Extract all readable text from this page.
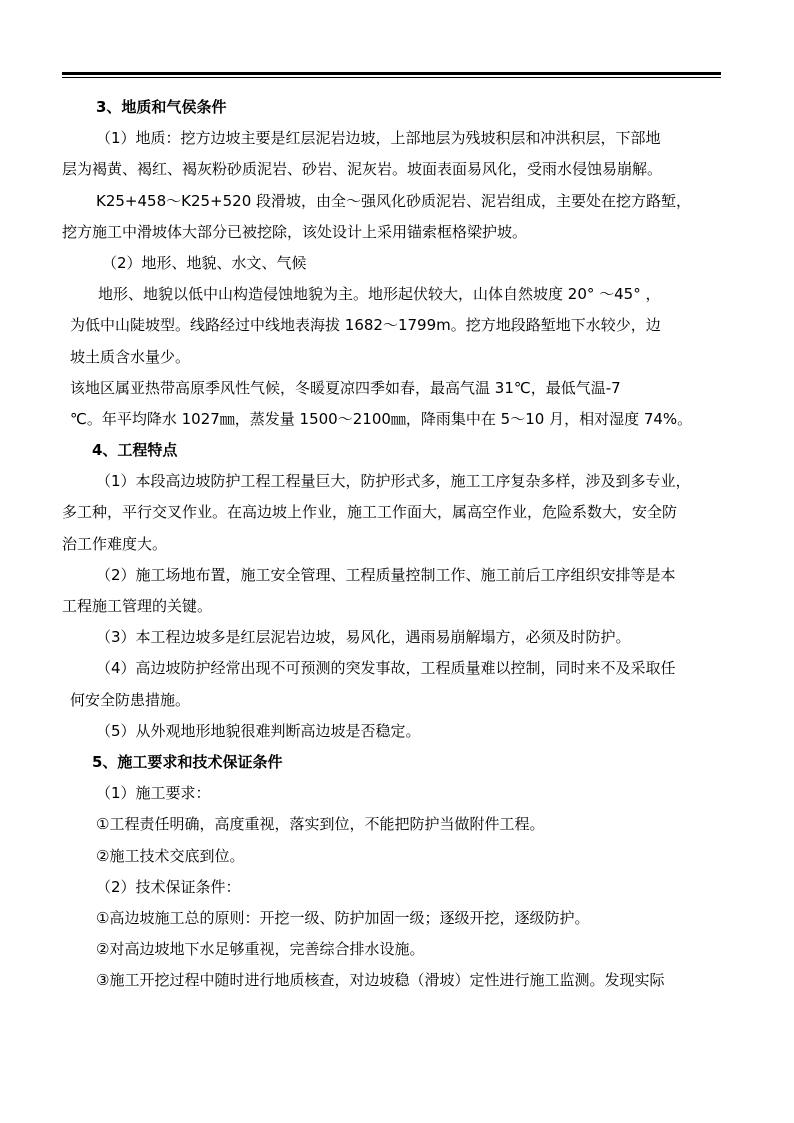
3、地质和气侯条件
（1）地质：挖方边坡主要是红层泥岩边坡，上部地层为残坡积层和冲洪积层，下部地
层为褐黄、褐红、褐灰粉砂质泥岩、砂岩、泥灰岩。坡面表面易风化，受雨水侵蚀易崩解。
K25+458～K25+520 段滑坡，由全～强风化砂质泥岩、泥岩组成，主要处在挖方路堑，
挖方施工中滑坡体大部分已被挖除，该处设计上采用锚索框格梁护坡。
（2）地形、地貌、水文、气候
地形、地貌以低中山构造侵蚀地貌为主。地形起伏较大，山体自然坡度 20° ～45° ，
为低中山陡坡型。线路经过中线地表海拔 1682～1799m。挖方地段路堑地下水较少，边
坡土质含水量少。
该地区属亚热带高原季风性气候，冬暖夏凉四季如春，最高气温 31℃，最低气温-7
℃。年平均降水 1027㎜，蒸发量 1500～2100㎜，降雨集中在 5～10 月，相对湿度 74%。
4、工程特点
（1）本段高边坡防护工程工程量巨大，防护形式多，施工工序复杂多样，涉及到多专业，
多工种，平行交叉作业。在高边坡上作业，施工工作面大，属高空作业，危险系数大，安全防
治工作难度大。
（2）施工场地布置，施工安全管理、工程质量控制工作、施工前后工序组织安排等是本
工程施工管理的关键。
（3）本工程边坡多是红层泥岩边坡，易风化，遇雨易崩解塌方，必须及时防护。
（4）高边坡防护经常出现不可预测的突发事故，工程质量难以控制，同时来不及采取任
何安全防患措施。
（5）从外观地形地貌很难判断高边坡是否稳定。
5、施工要求和技术保证条件
（1）施工要求：
①工程责任明确，高度重视，落实到位，不能把防护当做附件工程。
②施工技术交底到位。
（2）技术保证条件：
①高边坡施工总的原则：开挖一级、防护加固一级；逐级开挖，逐级防护。
②对高边坡地下水足够重视，完善综合排水设施。
③施工开挖过程中随时进行地质核查，对边坡稳（滑坡）定性进行施工监测。发现实际
